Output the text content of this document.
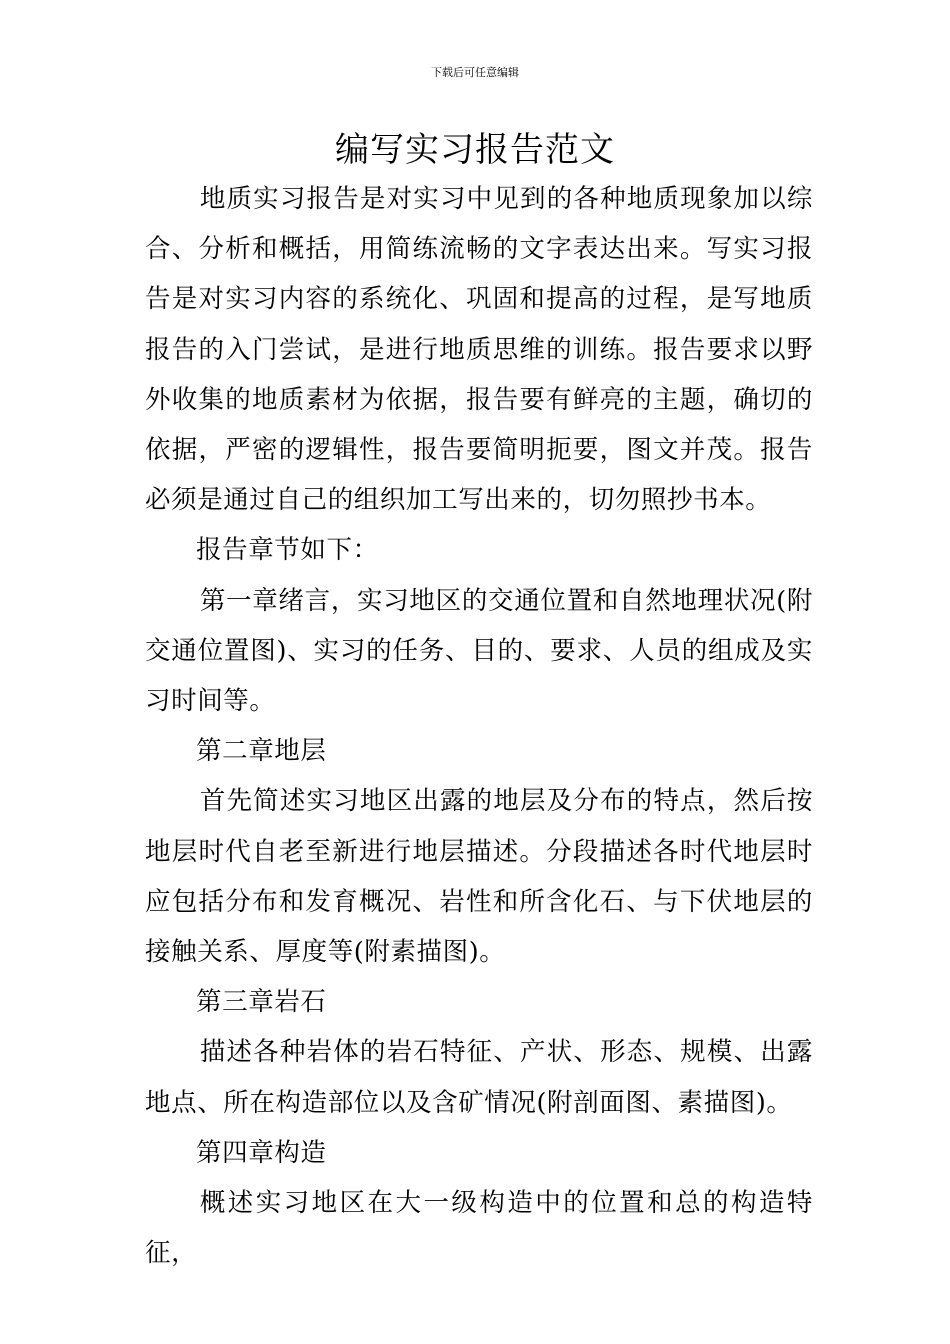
下载后可任意编辑
编写实习报告范文

地质实习报告是对实习中见到的各种地质现象加以综合、分析和概括，用简练流畅的文字表达出来。写实习报告是对实习内容的系统化、巩固和提高的过程，是写地质报告的入门尝试，是进行地质思维的训练。报告要求以野外收集的地质素材为依据，报告要有鲜亮的主题，确切的依据，严密的逻辑性，报告要简明扼要，图文并茂。报告必须是通过自己的组织加工写出来的，切勿照抄书本。

报告章节如下：

第一章绪言，实习地区的交通位置和自然地理状况(附交通位置图)、实习的任务、目的、要求、人员的组成及实习时间等。

第二章地层

首先简述实习地区出露的地层及分布的特点，然后按地层时代自老至新进行地层描述。分段描述各时代地层时应包括分布和发育概况、岩性和所含化石、与下伏地层的接触关系、厚度等(附素描图)。

第三章岩石

描述各种岩体的岩石特征、产状、形态、规模、出露地点、所在构造部位以及含矿情况(附剖面图、素描图)。

第四章构造

概述实习地区在大一级构造中的位置和总的构造特征，
